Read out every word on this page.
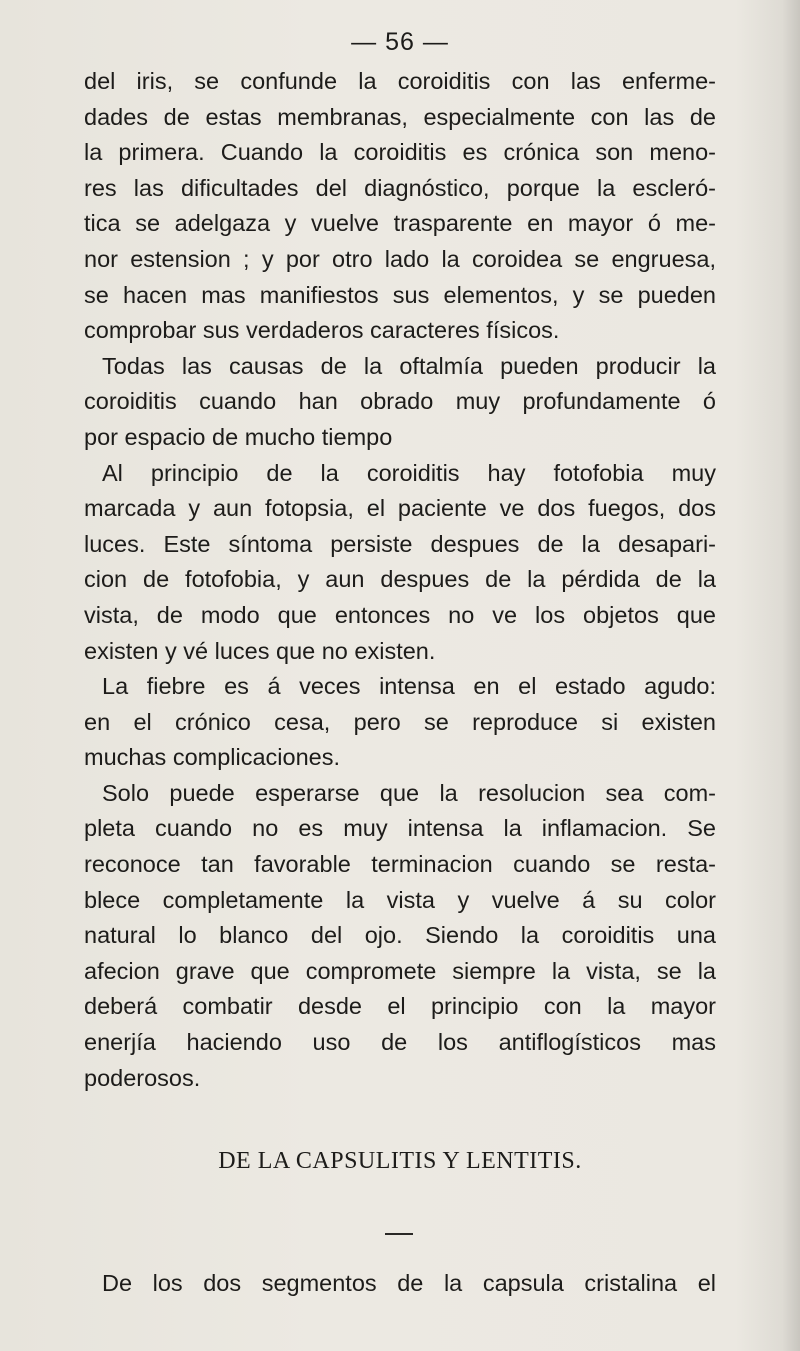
— 56 —
del iris, se confunde la coroiditis con las enferme-
dades de estas membranas, especialmente con las de
la primera. Cuando la coroiditis es crónica son meno-
res las dificultades del diagnóstico, porque la escleró-
tica se adelgaza y vuelve trasparente en mayor ó me-
nor estension ; y por otro lado la coroidea se engruesa,
se hacen mas manifiestos sus elementos, y se pueden
comprobar sus verdaderos caracteres físicos.
Todas las causas de la oftalmía pueden producir la
coroiditis cuando han obrado muy profundamente ó
por espacio de mucho tiempo
Al principio de la coroiditis hay fotofobia muy
marcada y aun fotopsia, el paciente ve dos fuegos, dos
luces. Este síntoma persiste despues de la desapari-
cion de fotofobia, y aun despues de la pérdida de la
vista, de modo que entonces no ve los objetos que
existen y vé luces que no existen.
La fiebre es á veces intensa en el estado agudo:
en el crónico cesa, pero se reproduce si existen
muchas complicaciones.
Solo puede esperarse que la resolucion sea com-
pleta cuando no es muy intensa la inflamacion. Se
reconoce tan favorable terminacion cuando se resta-
blece completamente la vista y vuelve á su color
natural lo blanco del ojo. Siendo la coroiditis una
afecion grave que compromete siempre la vista, se la
deberá combatir desde el principio con la mayor
enerjía haciendo uso de los antiflogísticos mas
poderosos.
DE LA CAPSULITIS Y LENTITIS.
De los dos segmentos de la capsula cristalina el
